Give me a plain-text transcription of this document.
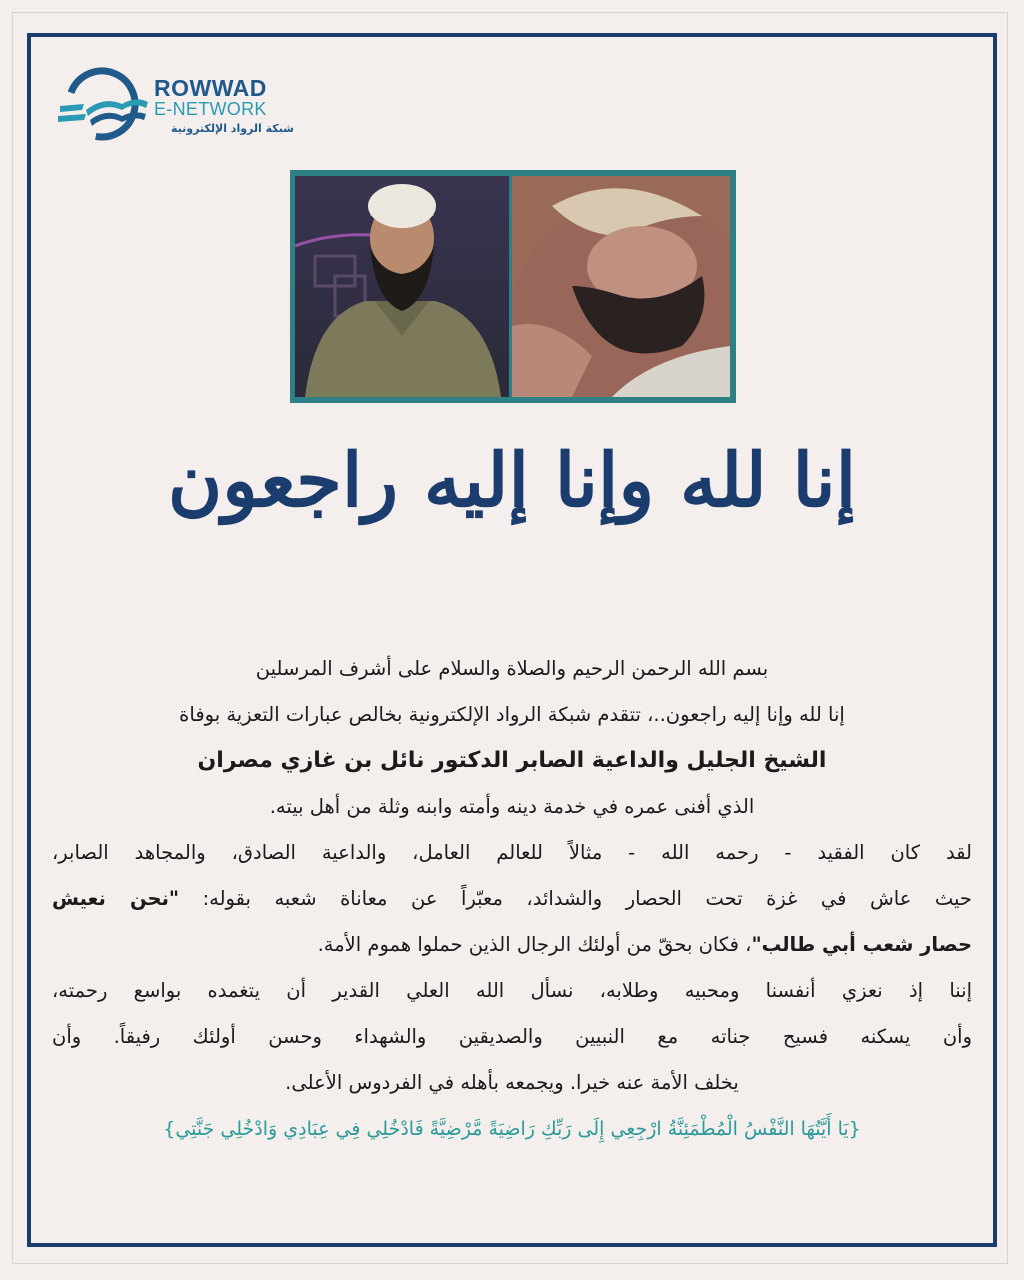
ROWWAD
E-NETWORK
شبكة الرواد الإلكترونية
إنا لله وإنا إليه راجعون
بسم الله الرحمن الرحيم والصلاة والسلام على أشرف المرسلين
إنا لله وإنا إليه راجعون..، تتقدم شبكة الرواد الإلكترونية بخالص عبارات التعزية بوفاة
الشيخ الجليل والداعية الصابر الدكتور نائل بن غازي مصران
الذي أفنى عمره في خدمة دينه وأمته وابنه وثلة من أهل بيته.
لقد كان الفقيد - رحمه الله - مثالاً للعالم العامل، والداعية الصادق، والمجاهد الصابر،
حيث عاش في غزة تحت الحصار والشدائد، معبّراً عن معاناة شعبه بقوله: "نحن نعيش
حصار شعب أبي طالب"، فكان بحقّ من أولئك الرجال الذين حملوا هموم الأمة.
إننا إذ نعزي أنفسنا ومحبيه وطلابه، نسأل الله العلي القدير أن يتغمده بواسع رحمته،
وأن يسكنه فسيح جناته مع النبيين والصديقين والشهداء وحسن أولئك رفيقاً. وأن
يخلف الأمة عنه خيرا. ويجمعه بأهله في الفردوس الأعلى.
{يَا أَيَّتُهَا النَّفْسُ الْمُطْمَئِنَّةُ ارْجِعِي إِلَى رَبِّكِ رَاضِيَةً مَّرْضِيَّةً فَادْخُلِي فِي عِبَادِي وَادْخُلِي جَنَّتِي}
